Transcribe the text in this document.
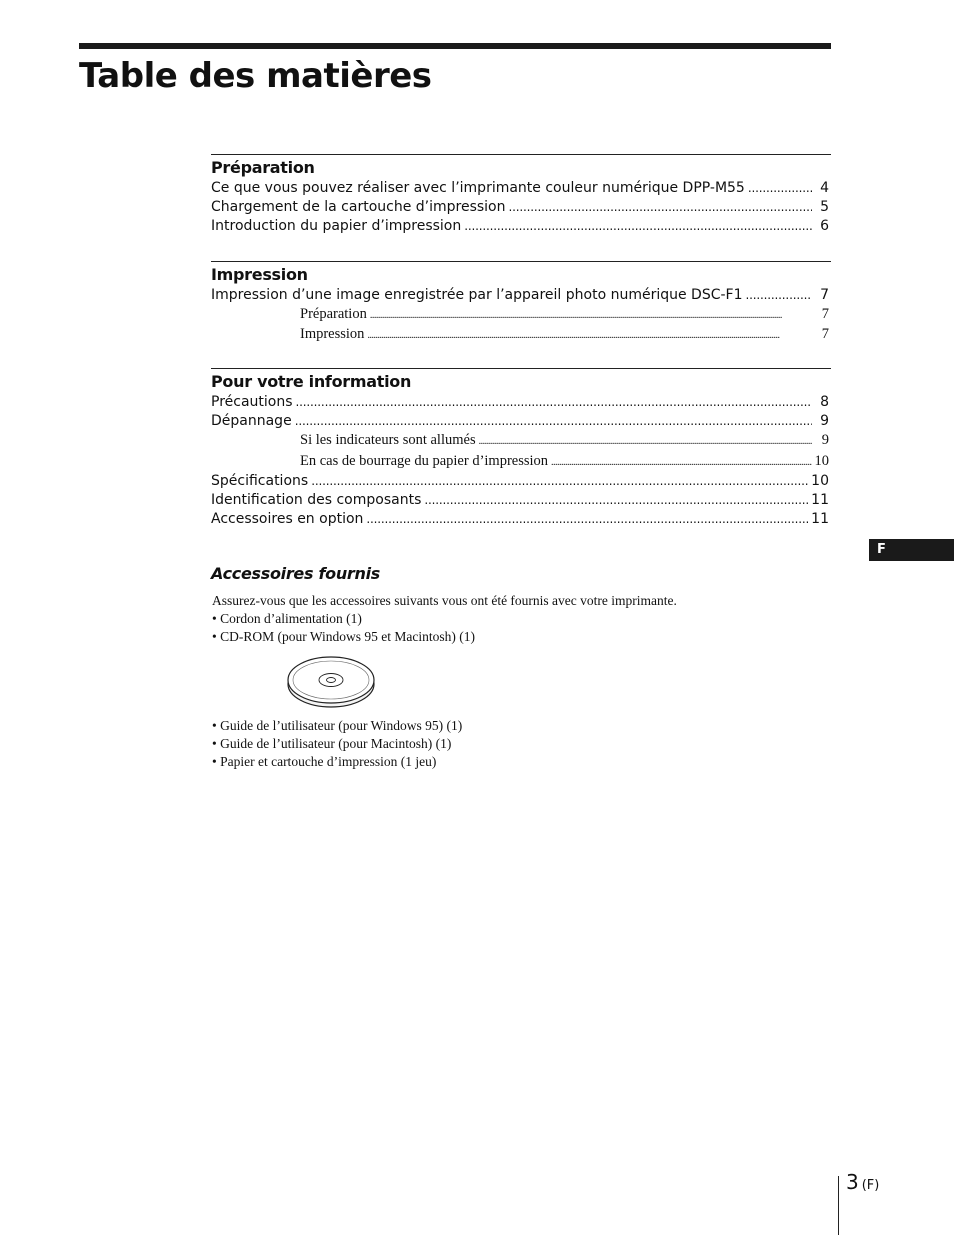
Table des matières
Préparation
Ce que vous pouvez réaliser avec l’imprimante couleur numérique DPP-M55 . . .	4
Chargement de la cartouche d’impression . . .	5
Introduction du papier d’impression . . .	6
Impression
Impression d’une image enregistrée par l’appareil photo numérique DSC-F1 . . .	7
Préparation . . .	7
Impression . . .	7
Pour votre information
Précautions . . .	8
Dépannage . . .	9
Si les indicateurs sont allumés . . .	9
En cas de bourrage du papier d’impression . . .	10
Spécifications . . .	10
Identification des composants . . .	11
Accessoires en option . . .	11
F
Accessoires fournis
Assurez-vous que les accessoires suivants vous ont été fournis avec votre imprimante.
• Cordon d’alimentation (1)
• CD-ROM (pour Windows 95 et Macintosh) (1)
• Guide de l’utilisateur (pour Windows 95) (1)
• Guide de l’utilisateur (pour Macintosh) (1)
• Papier et cartouche d’impression (1 jeu)
3 (F)
